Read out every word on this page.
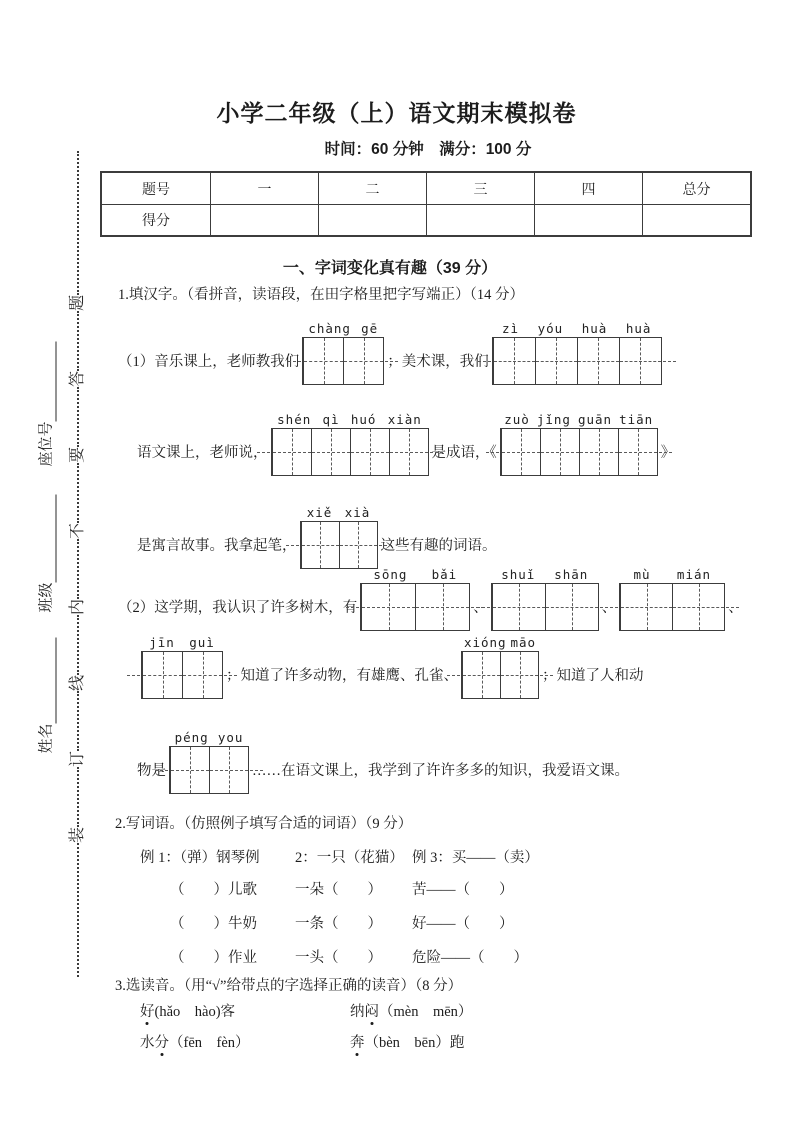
装
订
线
内
不
要
答
题
姓名
班级
座位号
小学二年级（上）语文期末模拟卷
时间：60 分钟　满分：100 分
题号	一	二	三	四	总分
得分
一、字词变化真有趣（39 分）
1.填汉字。（看拼音，读语段，在田字格里把字写端正）（14 分）
（1）音乐课上，老师教我们
chàng gē
；美术课，我们
zì yóu huà huà
语文课上，老师说，
shén qì huó xiàn
是成语，《
zuò jǐng guān tiān
》
是寓言故事。我拿起笔，
xiě xià
这些有趣的词语。
（2）这学期，我认识了许多树木，有
sōng bǎi
、
shuǐ shān
、
mù mián
、
jīn guì
；知道了许多动物，有雄鹰、孔雀、
xióng māo
；知道了人和动
物是
péng you
……在语文课上，我学到了许许多多的知识，我爱语文课。
2.写词语。（仿照例子填写合适的词语）（9 分）
例 1：（弹）钢琴例 2：一只（花猫） 例 3：买——（卖）
（　　）儿歌	一朵（　　） 苦——（　　）
（　　）牛奶	一条（　　） 好——（　　）
（　　）作业	一头（　　） 危险——（　　）
3.选读音。（用“√”给带点的字选择正确的读音）（8 分）
好(hǎo　hào)客	纳闷（mèn　mēn）
水分（fēn　fèn）	奔（bèn　bēn）跑
